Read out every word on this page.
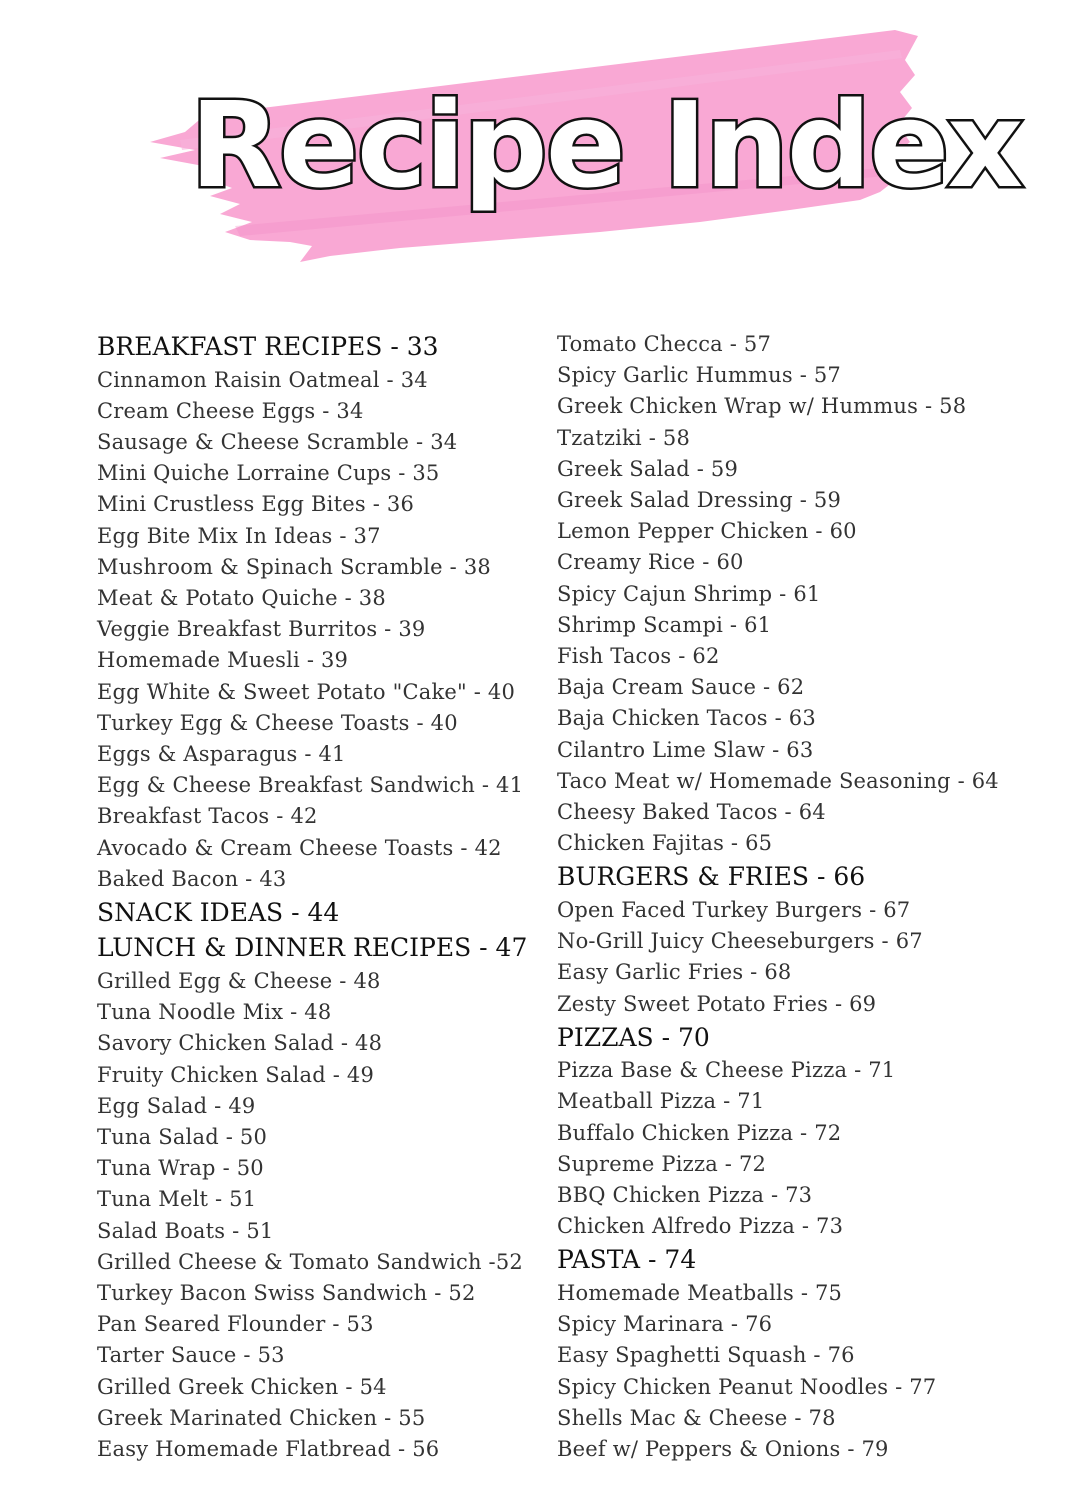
Recipe Index
BREAKFAST RECIPES - 33
Cinnamon Raisin Oatmeal - 34
Cream Cheese Eggs - 34
Sausage & Cheese Scramble - 34
Mini Quiche Lorraine Cups - 35
Mini Crustless Egg Bites - 36
Egg Bite Mix In Ideas - 37
Mushroom & Spinach Scramble - 38
Meat & Potato Quiche - 38
Veggie Breakfast Burritos - 39
Homemade Muesli - 39
Egg White & Sweet Potato "Cake" - 40
Turkey Egg & Cheese Toasts - 40
Eggs & Asparagus - 41
Egg & Cheese Breakfast Sandwich - 41
Breakfast Tacos - 42
Avocado & Cream Cheese Toasts - 42
Baked Bacon - 43
SNACK IDEAS - 44
LUNCH & DINNER RECIPES - 47
Grilled Egg & Cheese - 48
Tuna Noodle Mix - 48
Savory Chicken Salad - 48
Fruity Chicken Salad - 49
Egg Salad - 49
Tuna Salad - 50
Tuna Wrap - 50
Tuna Melt - 51
Salad Boats - 51
Grilled Cheese & Tomato Sandwich -52
Turkey Bacon Swiss Sandwich - 52
Pan Seared Flounder - 53
Tarter Sauce - 53
Grilled Greek Chicken - 54
Greek Marinated Chicken - 55
Easy Homemade Flatbread - 56
Tomato Checca - 57
Spicy Garlic Hummus - 57
Greek Chicken Wrap w/ Hummus - 58
Tzatziki - 58
Greek Salad - 59
Greek Salad Dressing - 59
Lemon Pepper Chicken - 60
Creamy Rice - 60
Spicy Cajun Shrimp - 61
Shrimp Scampi - 61
Fish Tacos - 62
Baja Cream Sauce - 62
Baja Chicken Tacos - 63
Cilantro Lime Slaw - 63
Taco Meat w/ Homemade Seasoning - 64
Cheesy Baked Tacos - 64
Chicken Fajitas - 65
BURGERS & FRIES - 66
Open Faced Turkey Burgers - 67
No-Grill Juicy Cheeseburgers - 67
Easy Garlic Fries - 68
Zesty Sweet Potato Fries - 69
PIZZAS - 70
Pizza Base & Cheese Pizza - 71
Meatball Pizza - 71
Buffalo Chicken Pizza - 72
Supreme Pizza - 72
BBQ Chicken Pizza - 73
Chicken Alfredo Pizza - 73
PASTA - 74
Homemade Meatballs - 75
Spicy Marinara - 76
Easy Spaghetti Squash - 76
Spicy Chicken Peanut Noodles - 77
Shells Mac & Cheese - 78
Beef w/ Peppers & Onions - 79
